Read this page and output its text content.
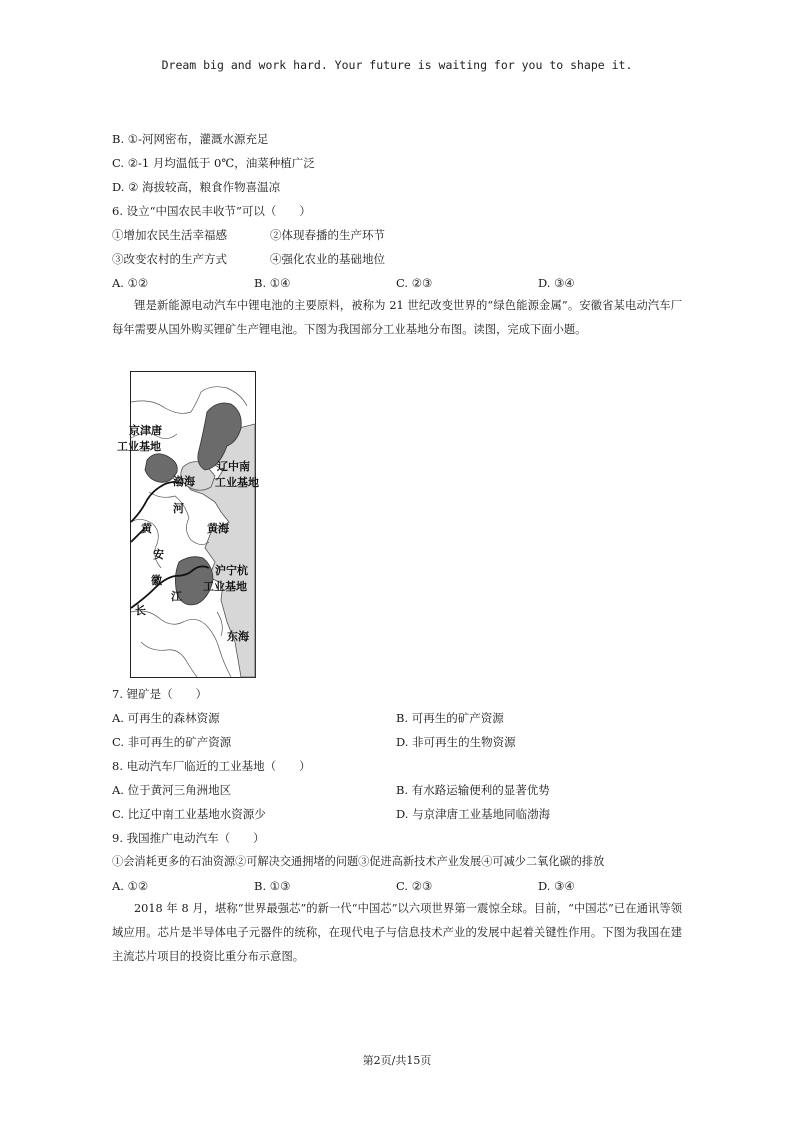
Dream big and work hard. Your future is waiting for you to shape it.
B. ①-河网密布，灌溉水源充足
C. ②-1 月均温低于 0℃，油菜种植广泛
D. ② 海拔较高，粮食作物喜温凉
6. 设立“中国农民丰收节”可以（　　）
①增加农民生活幸福感	②体现春播的生产环节
③改变农村的生产方式	④强化农业的基础地位
A. ①②	B. ①④	C. ②③	D. ③④
锂是新能源电动汽车中锂电池的主要原料，被称为 21 世纪改变世界的“绿色能源金属”。安徽省某电动汽车厂每年需要从国外购买锂矿生产锂电池。下图为我国部分工业基地分布图。读图，完成下面小题。
京津唐
工业基地
渤海
辽中南
工业基地
河
黄	黄海
安
沪宁杭
工业基地
徽
江
长
东海
7. 锂矿是（　　）
A. 可再生的森林资源	B. 可再生的矿产资源
C. 非可再生的矿产资源	D. 非可再生的生物资源
8. 电动汽车厂临近的工业基地（　　）
A. 位于黄河三角洲地区	B. 有水路运输便利的显著优势
C. 比辽中南工业基地水资源少	D. 与京津唐工业基地同临渤海
9. 我国推广电动汽车（　　）
①会消耗更多的石油资源②可解决交通拥堵的问题③促进高新技术产业发展④可减少二氧化碳的排放
A. ①②	B. ①③	C. ②③	D. ③④
2018 年 8 月，堪称“世界最强芯”的新一代“中国芯”以六项世界第一震惊全球。目前，“中国芯”已在通讯等领域应用。芯片是半导体电子元器件的统称，在现代电子与信息技术产业的发展中起着关键性作用。下图为我国在建主流芯片项目的投资比重分布示意图。
第2页/共15页
